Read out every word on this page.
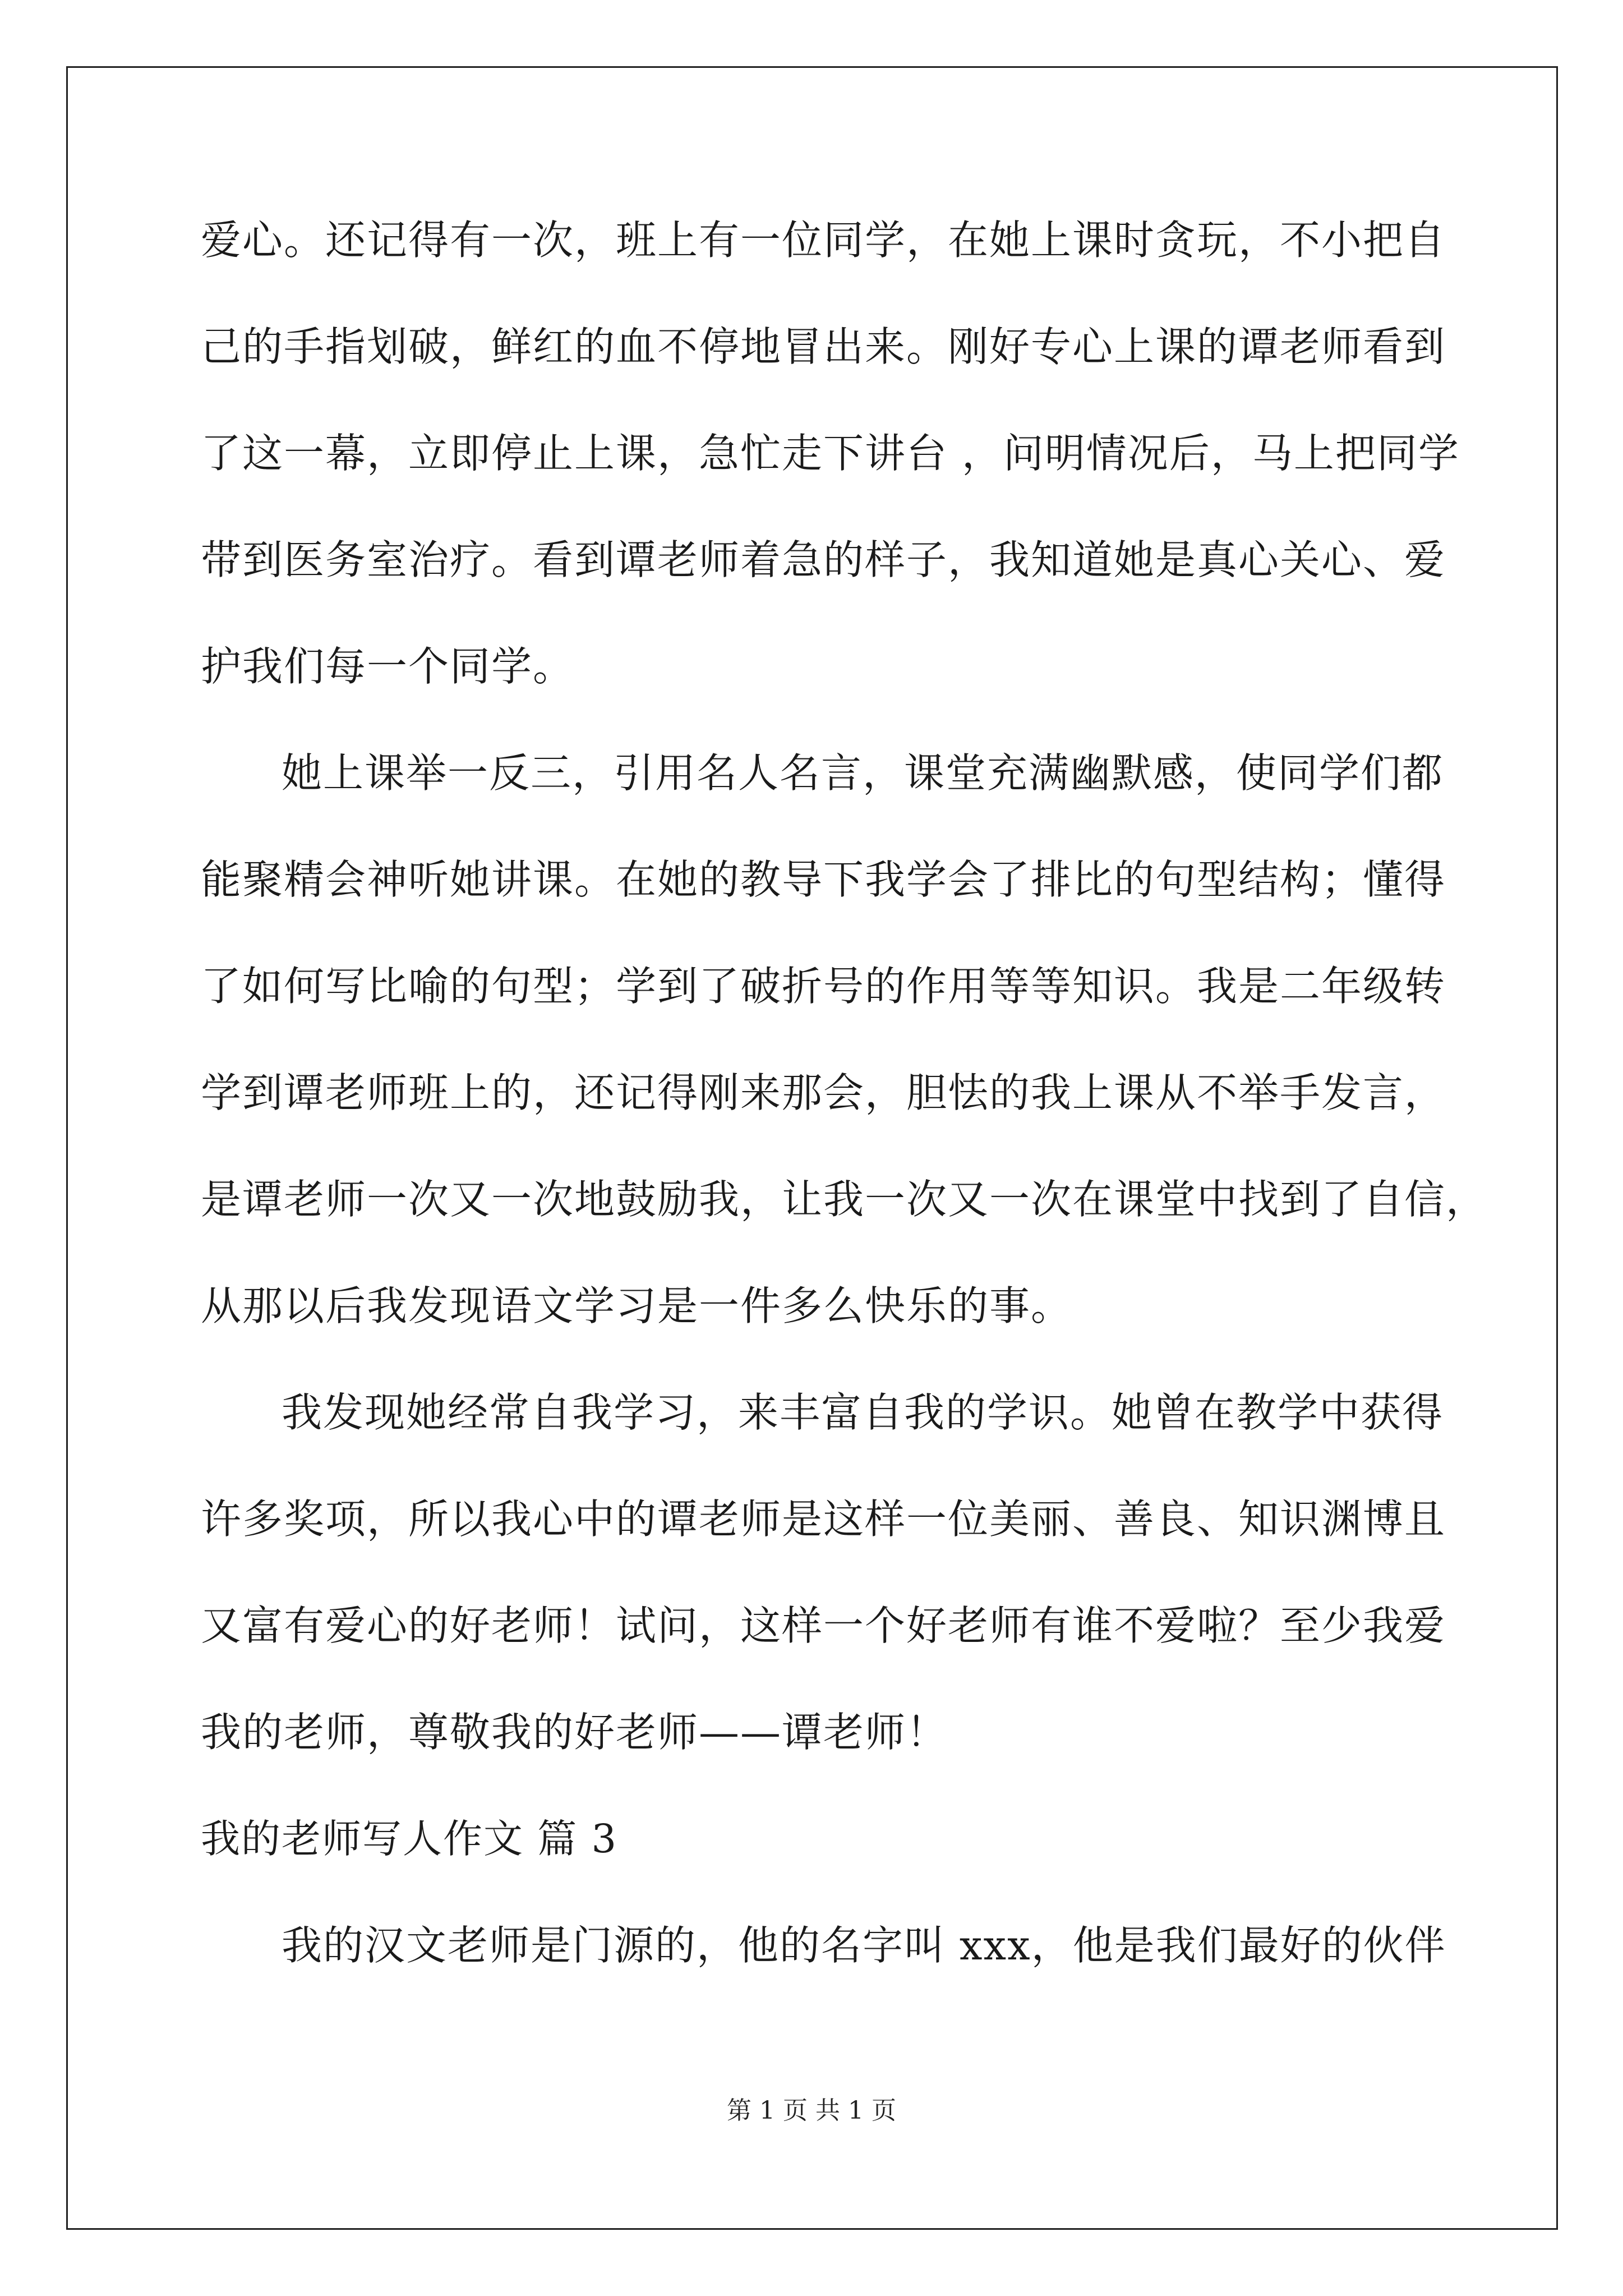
爱心。还记得有一次，班上有一位同学，在她上课时贪玩，不小把自
己的手指划破，鲜红的血不停地冒出来。刚好专心上课的谭老师看到
了这一幕，立即停止上课，急忙走下讲台 ，问明情况后，马上把同学
带到医务室治疗。看到谭老师着急的样子，我知道她是真心关心、爱
护我们每一个同学。
她上课举一反三，引用名人名言，课堂充满幽默感，使同学们都
能聚精会神听她讲课。在她的教导下我学会了排比的句型结构；懂得
了如何写比喻的句型；学到了破折号的作用等等知识。我是二年级转
学到谭老师班上的，还记得刚来那会，胆怯的我上课从不举手发言，
是谭老师一次又一次地鼓励我，让我一次又一次在课堂中找到了自信，
从那以后我发现语文学习是一件多么快乐的事。
我发现她经常自我学习，来丰富自我的学识。她曾在教学中获得
许多奖项，所以我心中的谭老师是这样一位美丽、善良、知识渊博且
又富有爱心的好老师！试问，这样一个好老师有谁不爱啦？至少我爱
我的老师，尊敬我的好老师——谭老师！
我的老师写人作文 篇 3
我的汉文老师是门源的，他的名字叫 xxx，他是我们最好的伙伴
第 1 页 共 1 页
